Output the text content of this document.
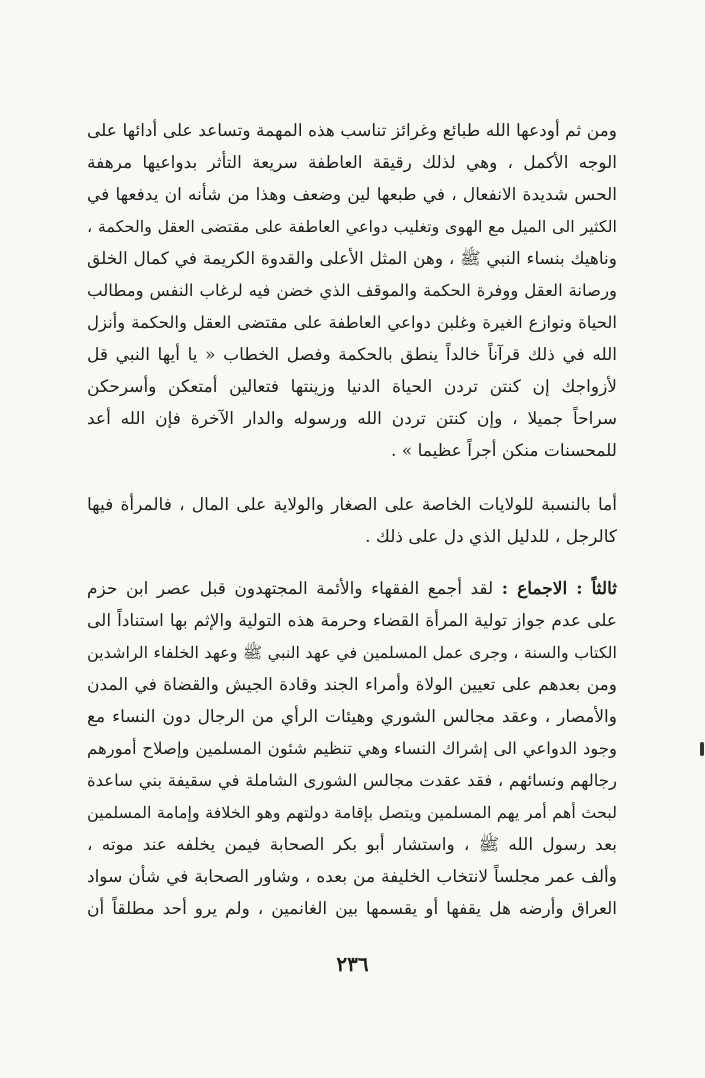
ومن ثم أودعها الله طبائع وغرائز تناسب هذه المهمة وتساعد على أدائها على
الوجه الأكمل ، وهي لذلك رقيقة العاطفة سريعة التأثر بدواعيها مرهفة
الحس شديدة الانفعال ، في طبعها لين وضعف وهذا من شأنه ان يدفعها في
الكثير الى الميل مع الهوى وتغليب دواعي العاطفة على مقتضى العقل والحكمة ،
وناهيك بنساء النبي ﷺ ، وهن المثل الأعلى والقدوة الكريمة في كمال الخلق
ورصانة العقل ووفرة الحكمة والموقف الذي خضن فيه لرغاب النفس ومطالب
الحياة ونوازع الغيرة وغلبن دواعي العاطفة على مقتضى العقل والحكمة وأنزل
الله في ذلك قرآناً خالداً ينطق بالحكمة وفصل الخطاب « يا أيها النبي قل
لأزواجك إن كنتن تردن الحياة الدنيا وزينتها فتعالين أمتعكن وأسرحكن
سراحاً جميلا ، وإن كنتن تردن الله ورسوله والدار الآخرة فإن الله أعد
للمحسنات منكن أجراً عظيما » .
أما بالنسبة للولايات الخاصة على الصغار والولاية على المال ، فالمرأة فيها
كالرجل ، للدليل الذي دل على ذلك .
ثالثاً : الاجماع : لقد أجمع الفقهاء والأئمة المجتهدون قبل عصر ابن حزم
على عدم جواز تولية المرأة القضاء وحرمة هذه التولية والإثم بها استناداً الى
الكتاب والسنة ، وجرى عمل المسلمين في عهد النبي ﷺ وعهد الخلفاء الراشدين
ومن بعدهم على تعيين الولاة وأمراء الجند وقادة الجيش والقضاة في المدن
والأمصار ، وعقد مجالس الشوري وهيئات الرأي من الرجال دون النساء مع
وجود الدواعي الى إشراك النساء وهي تنظيم شئون المسلمين وإصلاح أمورهم
رجالهم ونسائهم ، فقد عقدت مجالس الشورى الشاملة في سقيفة بني ساعدة
لبحث أهم أمر يهم المسلمين ويتصل بإقامة دولتهم وهو الخلافة وإمامة المسلمين
بعد رسول الله ﷺ ، واستشار أبو بكر الصحابة فيمن يخلفه عند موته ،
وألف عمر مجلساً لانتخاب الخليفة من بعده ، وشاور الصحابة في شأن سواد
العراق وأرضه هل يقفها أو يقسمها بين الغانمين ، ولم يرو أحد مطلقاً أن
٢٣٦
